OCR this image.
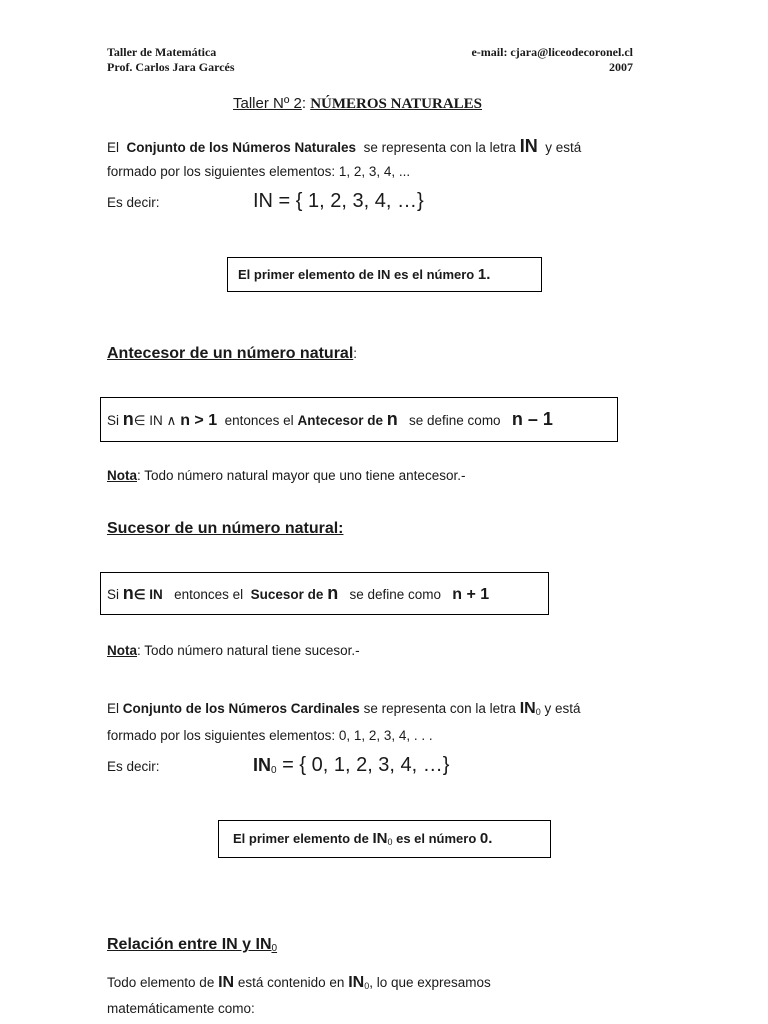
Taller de Matemática
Prof. Carlos Jara Garcés
e-mail: cjara@liceodecoronel.cl
2007
Taller Nº 2: NÚMEROS NATURALES
El Conjunto de los Números Naturales se representa con la letra IN y está
formado por los siguientes elementos: 1, 2, 3, 4, ...
Es decir:	IN = { 1, 2, 3, 4, …}
El primer elemento de IN es el número 1.
Antecesor de un número natural:
Si n∈ IN ∧ n > 1 entonces el Antecesor de n se define como n – 1
Nota: Todo número natural mayor que uno tiene antecesor.-
Sucesor de un número natural:
Si n∈ IN entonces el Sucesor de n se define como n + 1
Nota: Todo número natural tiene sucesor.-
El Conjunto de los Números Cardinales se representa con la letra $IN_0$ y está
formado por los siguientes elementos: 0, 1, 2, 3, 4, . . .
Es decir:	$IN_0$ = { 0, 1, 2, 3, 4, …}
El primer elemento de $IN_0$ es el número 0.
Relación entre IN y $IN_0$
Todo elemento de IN está contenido en $IN_0$, lo que expresamos
matemáticamente como:
